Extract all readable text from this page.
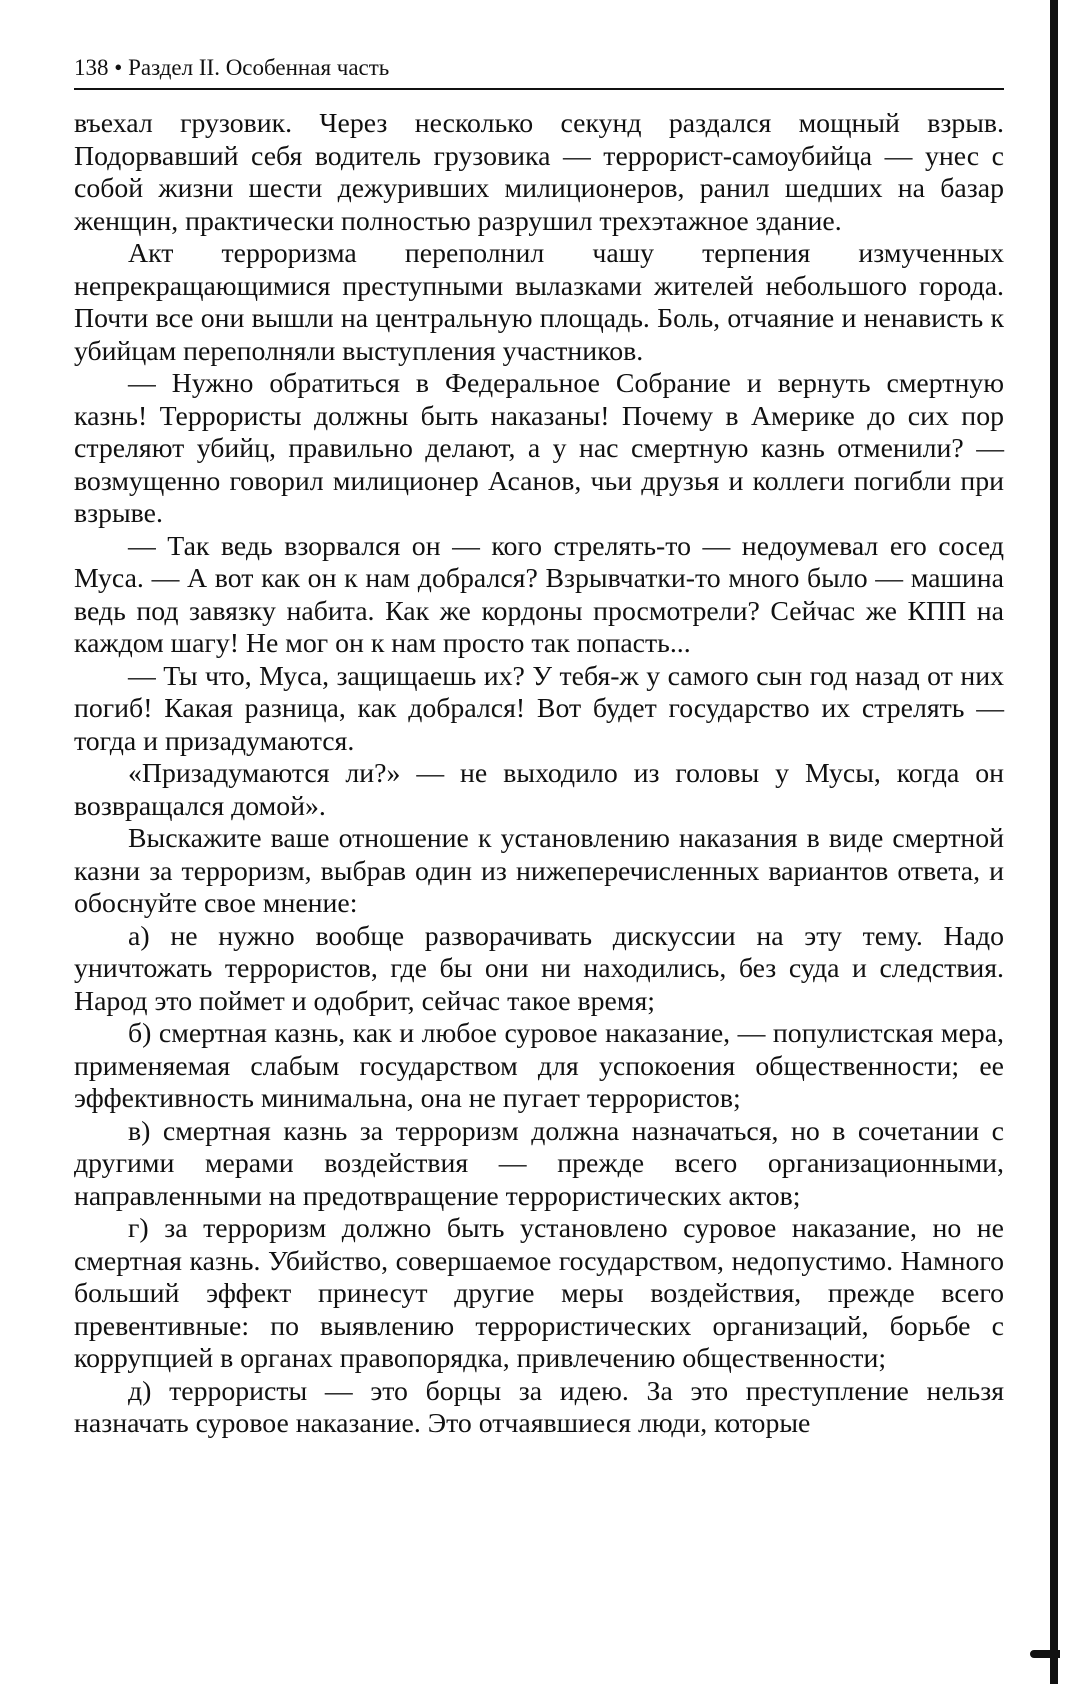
138 • Раздел II. Особенная часть

въехал грузовик. Через несколько секунд раздался мощный взрыв. Подорвавший себя водитель грузовика — террорист-самоубийца — унес с собой жизни шести дежуривших милиционеров, ранил шедших на базар женщин, практически полностью разрушил трехэтажное здание.

Акт терроризма переполнил чашу терпения измученных непрекращающимися преступными вылазками жителей небольшого города. Почти все они вышли на центральную площадь. Боль, отчаяние и ненависть к убийцам переполняли выступления участников.

— Нужно обратиться в Федеральное Собрание и вернуть смертную казнь! Террористы должны быть наказаны! Почему в Америке до сих пор стреляют убийц, правильно делают, а у нас смертную казнь отменили? — возмущенно говорил милиционер Асанов, чьи друзья и коллеги погибли при взрыве.

— Так ведь взорвался он — кого стрелять-то — недоумевал его сосед Муса. — А вот как он к нам добрался? Взрывчатки-то много было — машина ведь под завязку набита. Как же кордоны просмотрели? Сейчас же КПП на каждом шагу! Не мог он к нам просто так попасть...

— Ты что, Муса, защищаешь их? У тебя-ж у самого сын год назад от них погиб! Какая разница, как добрался! Вот будет государство их стрелять — тогда и призадумаются.

«Призадумаются ли?» — не выходило из головы у Мусы, когда он возвращался домой».

Выскажите ваше отношение к установлению наказания в виде смертной казни за терроризм, выбрав один из нижеперечисленных вариантов ответа, и обоснуйте свое мнение:

а) не нужно вообще разворачивать дискуссии на эту тему. Надо уничтожать террористов, где бы они ни находились, без суда и следствия. Народ это поймет и одобрит, сейчас такое время;

б) смертная казнь, как и любое суровое наказание, — популистская мера, применяемая слабым государством для успокоения общественности; ее эффективность минимальна, она не пугает террористов;

в) смертная казнь за терроризм должна назначаться, но в сочетании с другими мерами воздействия — прежде всего организационными, направленными на предотвращение террористических актов;

г) за терроризм должно быть установлено суровое наказание, но не смертная казнь. Убийство, совершаемое государством, недопустимо. Намного больший эффект принесут другие меры воздействия, прежде всего превентивные: по выявлению террористических организаций, борьбе с коррупцией в органах правопорядка, привлечению общественности;

д) террористы — это борцы за идею. За это преступление нельзя назначать суровое наказание. Это отчаявшиеся люди, которые
